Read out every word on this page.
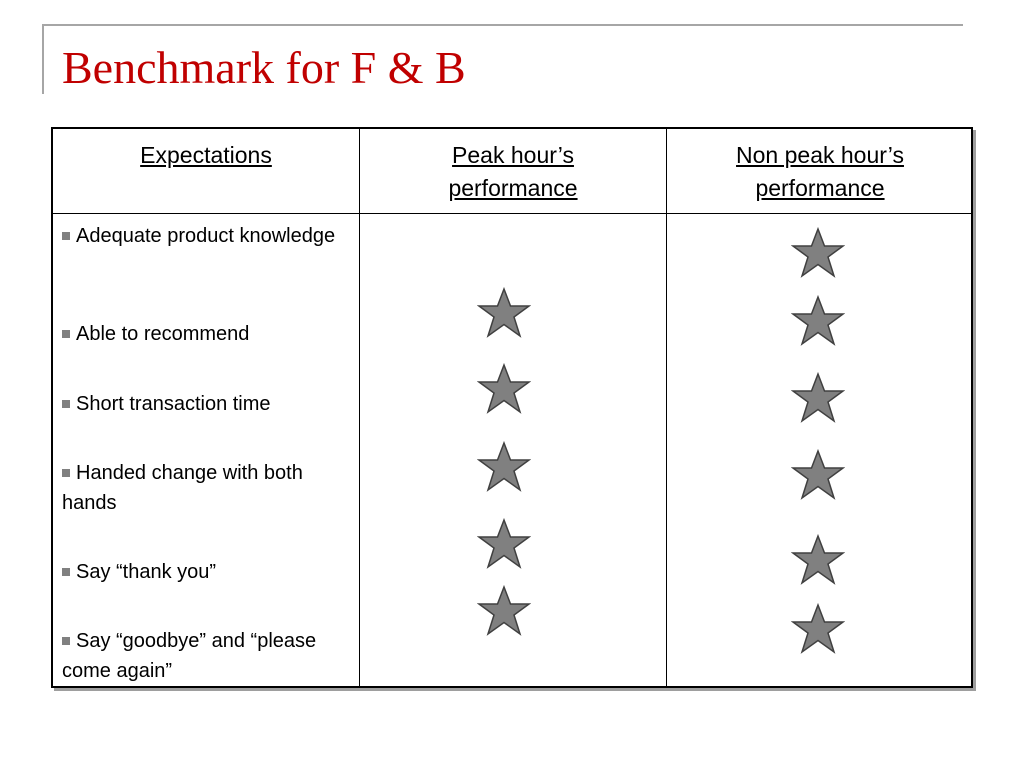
Benchmark for F & B
Expectations	Peak hour’s
performance
Non peak hour’s
performance
Adequate product knowledge
Able to recommend
Short transaction time
Handed change with both hands
Say “thank you”
Say “goodbye” and “please come again”
